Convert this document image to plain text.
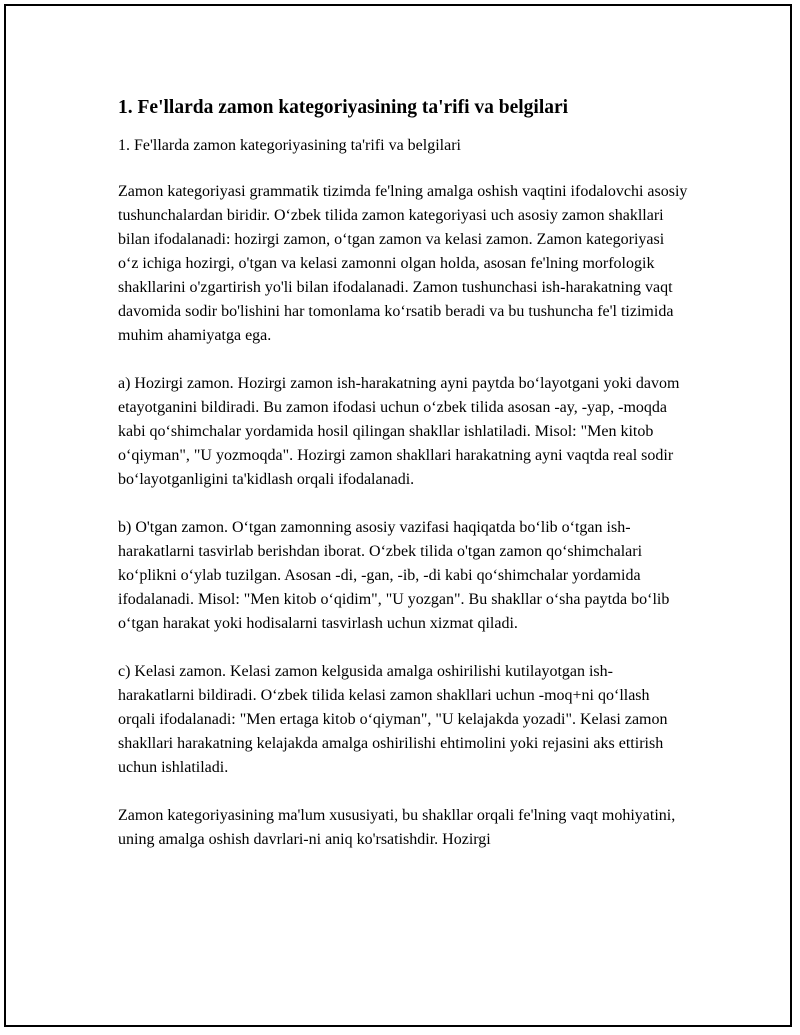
1. Fe'llarda zamon kategoriyasining ta'rifi va belgilari

1. Fe'llarda zamon kategoriyasining ta'rifi va belgilari

Zamon kategoriyasi grammatik tizimda fe'lning amalga oshish vaqtini ifodalovchi asosiy tushunchalardan biridir. O‘zbek tilida zamon kategoriyasi uch asosiy zamon shakllari bilan ifodalanadi: hozirgi zamon, o‘tgan zamon va kelasi zamon. Zamon kategoriyasi o‘z ichiga hozirgi, o'tgan va kelasi zamonni olgan holda, asosan fe'lning morfologik shakllarini o'zgartirish yo'li bilan ifodalanadi. Zamon tushunchasi ish-harakatning vaqt davomida sodir bo'lishini har tomonlama ko‘rsatib beradi va bu tushuncha fe'l tizimida muhim ahamiyatga ega.

a) Hozirgi zamon. Hozirgi zamon ish-harakatning ayni paytda bo‘layotgani yoki davom etayotganini bildiradi. Bu zamon ifodasi uchun o‘zbek tilida asosan -ay, -yap, -moqda kabi qo‘shimchalar yordamida hosil qilingan shakllar ishlatiladi. Misol: "Men kitob o‘qiyman", "U yozmoqda". Hozirgi zamon shakllari harakatning ayni vaqtda real sodir bo‘layotganligini ta'kidlash orqali ifodalanadi.

b) O'tgan zamon. O‘tgan zamonning asosiy vazifasi haqiqatda bo‘lib o‘tgan ish-harakatlarni tasvirlab berishdan iborat. O‘zbek tilida o'tgan zamon qo‘shimchalari ko‘plikni o‘ylab tuzilgan. Asosan -di, -gan, -ib, -di kabi qo‘shimchalar yordamida ifodalanadi. Misol: "Men kitob o‘qidim", "U yozgan". Bu shakllar o‘sha paytda bo‘lib o‘tgan harakat yoki hodisalarni tasvirlash uchun xizmat qiladi.

c) Kelasi zamon. Kelasi zamon kelgusida amalga oshirilishi kutilayotgan ish-harakatlarni bildiradi. O‘zbek tilida kelasi zamon shakllari uchun -moq+ni qo‘llash orqali ifodalanadi: "Men ertaga kitob o‘qiyman", "U kelajakda yozadi". Kelasi zamon shakllari harakatning kelajakda amalga oshirilishi ehtimolini yoki rejasini aks ettirish uchun ishlatiladi.

Zamon kategoriyasining ma'lum xususiyati, bu shakllar orqali fe'lning vaqt mohiyatini, uning amalga oshish davrlari-ni aniq ko'rsatishdir. Hozirgi
